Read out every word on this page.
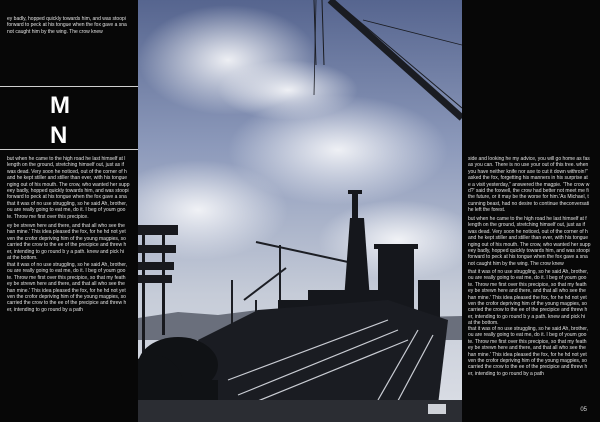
ey badly, hopped quickly towards him, and was stoopi
forward to peck at his tongue when the fox gave a sna
not caught him by the wing. The crow knew
M
N
but when he came to the high road he last himself at l
length on the ground, stretching himself out, just as if
was dead. Very soon he noticed, out of the corner of h
and he kept stiller and stiller than ever, with his tongue
nging out of his mouth. The crow, who wanted her supp
eey badly, hopped quickly towards him, and was stoopi
forward to peck at his tongue when the fox gave a sna
that it was of no use struggling, so he said Ah, brother,
ou are really going to eat me, do it. I beg of youm goo
te. Throw me first over this precipice.
ey be strewn here and there, and that all who see the
han mine.' This idea pleased the fox, for he hd not yet
ven the crofor depriving him of the young magpies, so
carried the crow to the ee of the precipice and threw h
er, intending to go round b y a path. knew and pick hi
at the bottom.
that it was of no use struggling, so he said Ah, brother,
ou are really going to eat me, do it. I beg of youm goo
te. Throw me first over this precipice, so that my feath
ey be strewn here and there, and that all who see the
han mine.' This idea pleased the fox, for he hd not yet
ven the crofor depriving him of the young magpies, so
carried the crow to the ee of the precipice and threw h
er, intending to go round by a path
side and looking he my advice, you will go home as fas
as you can. There is no use your out of this tree. when
you have neither knife nor axe to cut it down withroin!"
asked the fox, forgetting his manners in his surprise at
e a visit yesterday," answered the magpie. 'The crow w
d?' said the foxwell, the crow had better not meet me fi
the future, or it may be the worse for him.'As Michael, t
cunning beast, had no desire to continue theconversati
he left the forest.
but when he came to the high road he last himself at f
length on the ground, stretching himself out, just as if
was dead. Very soon he noticed, out of the corner of h
and he kept stiller and stiller than ever, with his tongue
nging out of his mouth. The crow, who wanted her supp
eey badly, hopped quickly towards him, and was stoopi
forward to peck at his tongue when the fox gave a sna
not caught him by the wing. The crow knew
that it was of no use struggling, so he said Ah, brother,
ou are really going to eat me, do it. I beg of youm goo
te. Throw me first over this precipice, so that my feath
ey be strewn here and there, and that all who see the
han mine.' This idea pleased the fox, for he hd not yet
ven the crofor depriving him of the young magpies, so
carried the crow to the ee of the precipice and threw h
er, intending to go round b y a path. knew and pick hi
at the bottom.
that it was of no use struggling, so he said Ah, brother,
ou are really going to eat me, do it. I beg of youm goo
te. Throw me first over this precipice, so that my feath
ey be strewn here and there, and that all who see the
han mine.' This idea pleased the fox, for he hd not yet
ven the crofor depriving him of the young magpies, so
carried the crow to the ee of the precipice and threw h
er, intending to go round by a path
05
